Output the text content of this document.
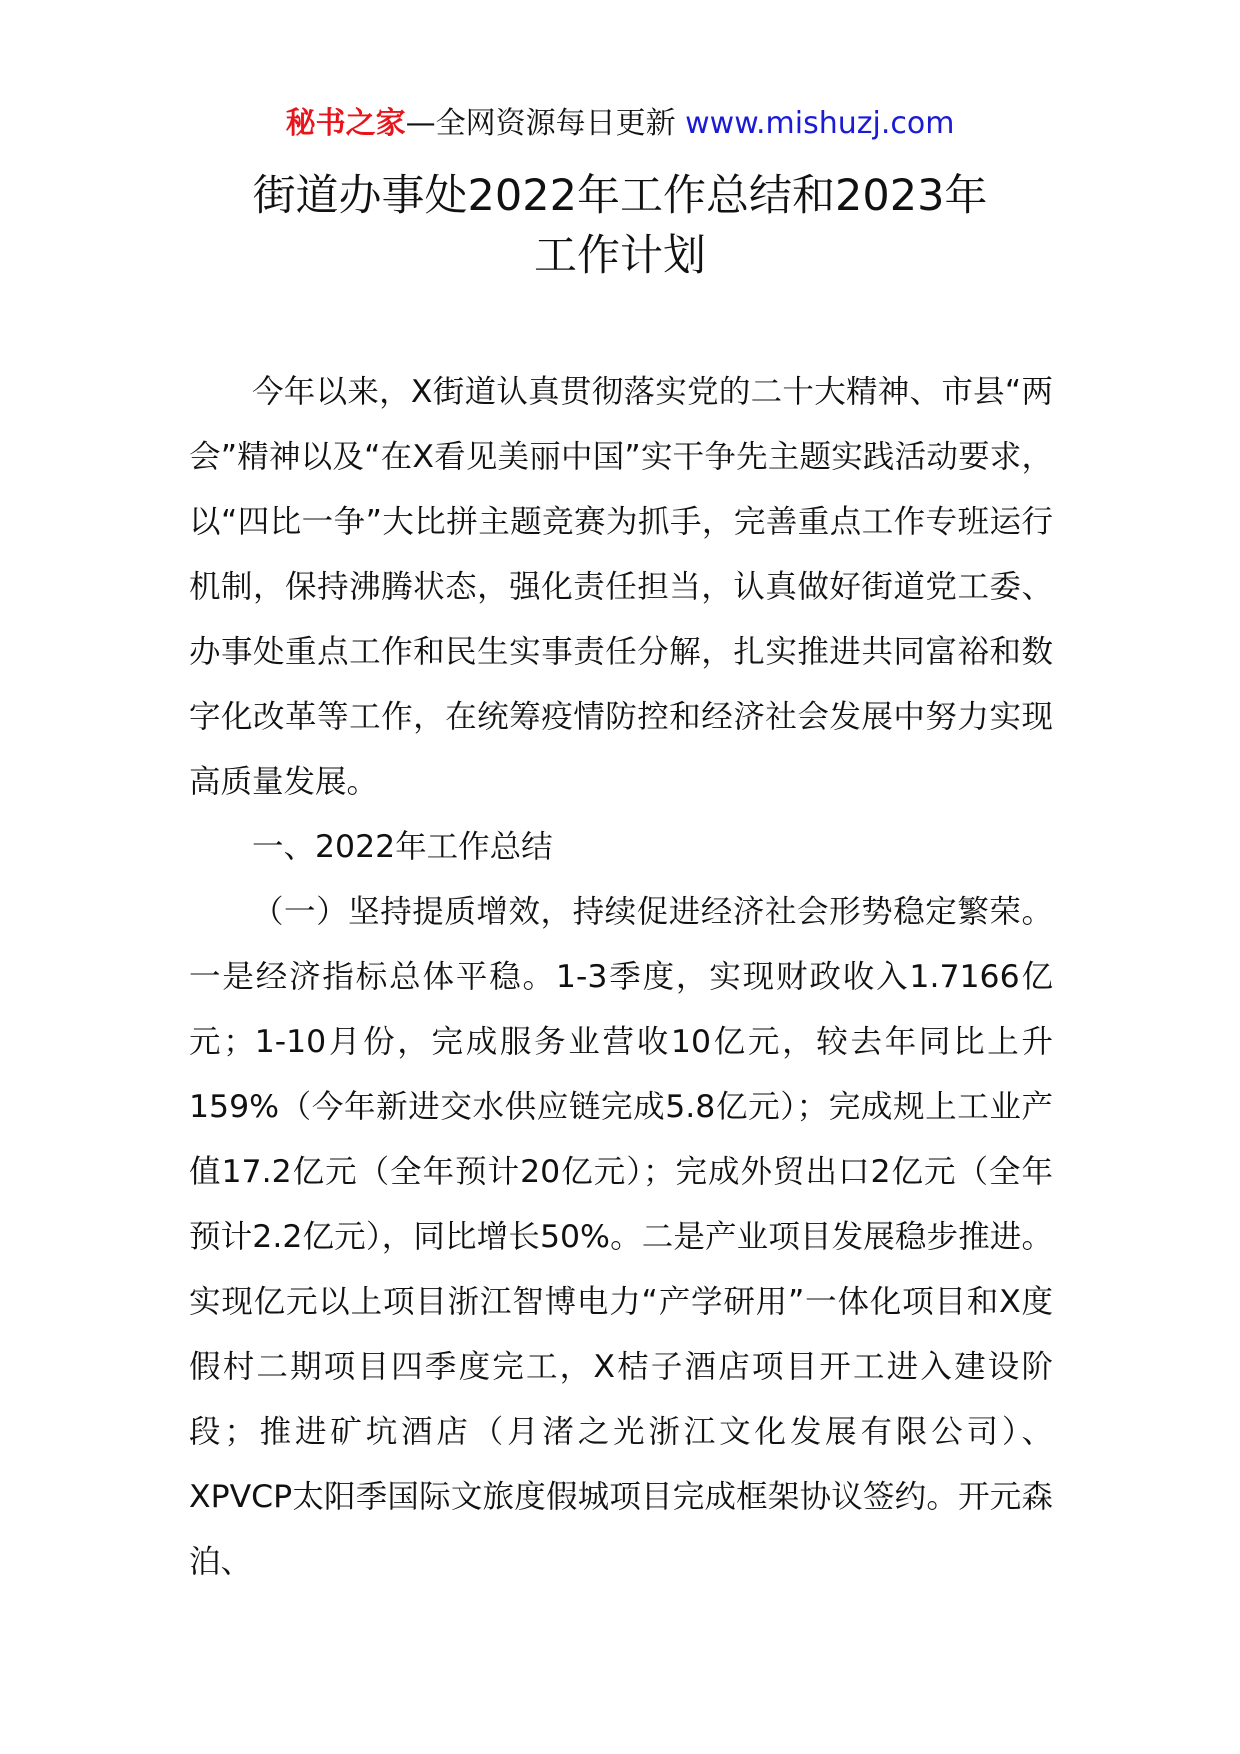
秘书之家—全网资源每日更新 www.mishuzj.com
街道办事处2022年工作总结和2023年
工作计划

今年以来，X街道认真贯彻落实党的二十大精神、市县“两会”精神以及“在X看见美丽中国”实干争先主题实践活动要求，以“四比一争”大比拼主题竞赛为抓手，完善重点工作专班运行机制，保持沸腾状态，强化责任担当，认真做好街道党工委、办事处重点工作和民生实事责任分解，扎实推进共同富裕和数字化改革等工作，在统筹疫情防控和经济社会发展中努力实现高质量发展。

一、2022年工作总结

（一）坚持提质增效，持续促进经济社会形势稳定繁荣。一是经济指标总体平稳。1-3季度，实现财政收入1.7166亿元；1-10月份，完成服务业营收10亿元，较去年同比上升159%（今年新进交水供应链完成5.8亿元）；完成规上工业产值17.2亿元（全年预计20亿元）；完成外贸出口2亿元（全年预计2.2亿元），同比增长50%。二是产业项目发展稳步推进。实现亿元以上项目浙江智博电力“产学研用”一体化项目和X度假村二期项目四季度完工，X桔子酒店项目开工进入建设阶段；推进矿坑酒店（月渚之光浙江文化发展有限公司）、XPVCP太阳季国际文旅度假城项目完成框架协议签约。开元森泊、
